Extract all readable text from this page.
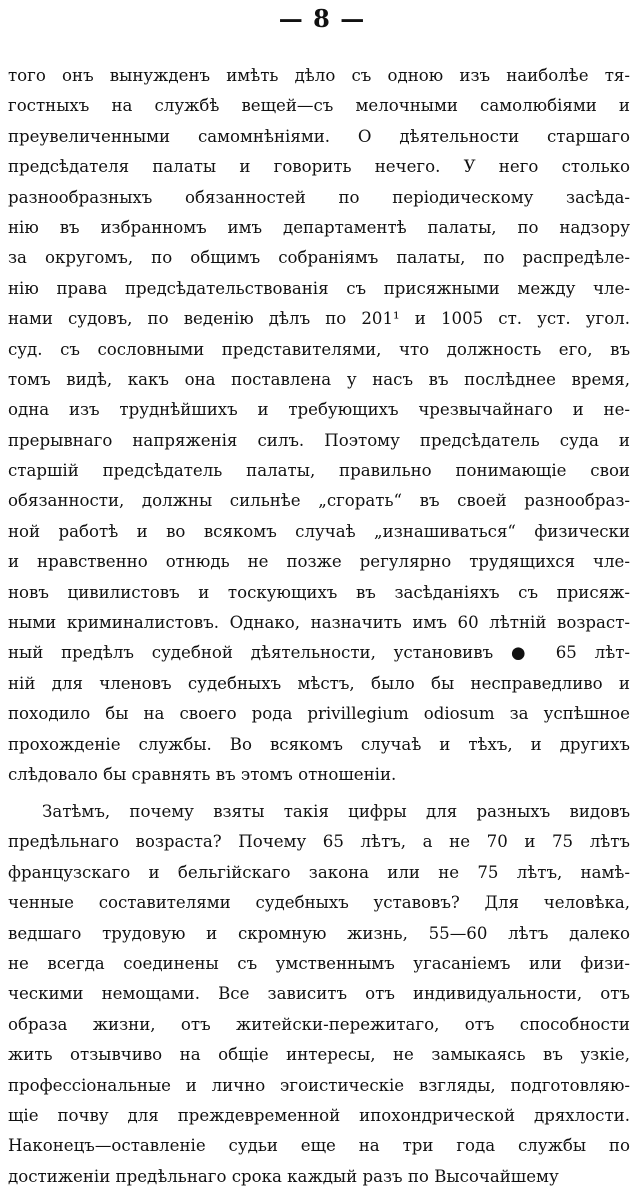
— 8 —
того онъ вынужденъ имѣть дѣло съ одною изъ наиболѣе тя-
гостныхъ на службѣ вещей—съ мелочными самолюбіями и
преувеличенными самомнѣніями. О дѣятельности старшаго
предсѣдателя палаты и говорить нечего. У него столько
разнообразныхъ обязанностей по періодическому засѣда-
нію въ избранномъ имъ департаментѣ палаты, по надзору
за округомъ, по общимъ собраніямъ палаты, по распредѣле-
нію права предсѣдательствованія съ присяжными между чле-
нами судовъ, по веденію дѣлъ по 201¹ и 1005 ст. уст. угол.
суд. съ сословными представителями, что должность его, въ
томъ видѣ, какъ она поставлена у насъ въ послѣднее время,
одна изъ труднѣйшихъ и требующихъ чрезвычайнаго и не-
прерывнаго напряженія силъ. Поэтому предсѣдатель суда и
старшій предсѣдатель палаты, правильно понимающіе свои
обязанности, должны сильнѣе „сгорать“ въ своей разнообраз-
ной работѣ и во всякомъ случаѣ „изнашиваться“ физически
и нравственно отнюдь не позже регулярно трудящихся чле-
новъ цивилистовъ и тоскующихъ въ засѣданіяхъ съ присяж-
ными криминалистовъ. Однако, назначить имъ 60 лѣтній возраст-
ный предѣлъ судебной дѣятельности, установивъ ● 65 лѣт-
ній для членовъ судебныхъ мѣстъ, было бы несправедливо и
походило бы на своего рода privillegium odiosum за успѣшное
прохожденіе службы. Во всякомъ случаѣ и тѣхъ, и другихъ
слѣдовало бы сравнять въ этомъ отношеніи.
Затѣмъ, почему взяты такія цифры для разныхъ видовъ
предѣльнаго возраста? Почему 65 лѣтъ, а не 70 и 75 лѣтъ
французскаго и бельгійскаго закона или не 75 лѣтъ, намѣ-
ченные составителями судебныхъ уставовъ? Для человѣка,
ведшаго трудовую и скромную жизнь, 55—60 лѣтъ далеко
не всегда соединены съ умственнымъ угасаніемъ или физи-
ческими немощами. Все зависитъ отъ индивидуальности, отъ
образа жизни, отъ житейски-пережитаго, отъ способности
жить отзывчиво на общіе интересы, не замыкаясь въ узкіе,
профессіональные и лично эгоистическіе взгляды, подготовляю-
щіе почву для преждевременной ипохондрической дряхлости.
Наконецъ—оставленіе судьи еще на три года службы по
достиженіи предѣльнаго срока каждый разъ по Высочайшему
